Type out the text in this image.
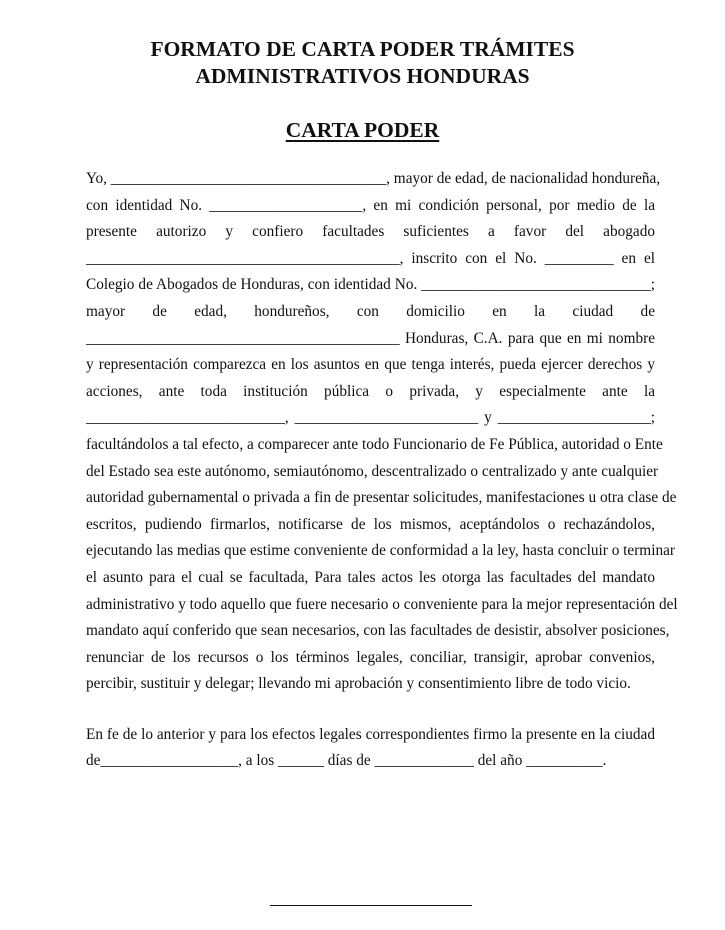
FORMATO DE CARTA PODER TRÁMITES
ADMINISTRATIVOS HONDURAS
CARTA PODER
Yo, ____________________________________, mayor de edad, de nacionalidad hondureña,
con identidad No. ____________________, en mi condición personal, por medio de la
presente autorizo y confiero facultades suficientes a favor del abogado
_________________________________________, inscrito con el No. _________ en el
Colegio de Abogados de Honduras, con identidad No. ______________________________;
mayor de edad, hondureños, con domicilio en la ciudad de
_________________________________________ Honduras, C.A. para que en mi nombre
y representación comparezca en los asuntos en que tenga interés, pueda ejercer derechos y
acciones, ante toda institución pública o privada, y especialmente ante la
__________________________, ________________________ y ____________________;
facultándolos a tal efecto, a comparecer ante todo Funcionario de Fe Pública, autoridad o Ente
del Estado sea este autónomo, semiautónomo, descentralizado o centralizado y ante cualquier
autoridad gubernamental o privada a fin de presentar solicitudes, manifestaciones u otra clase de
escritos, pudiendo firmarlos, notificarse de los mismos, aceptándolos o rechazándolos,
ejecutando las medias que estime conveniente de conformidad a la ley, hasta concluir o terminar
el asunto para el cual se facultada, Para tales actos les otorga las facultades del mandato
administrativo y todo aquello que fuere necesario o conveniente para la mejor representación del
mandato aquí conferido que sean necesarios, con las facultades de desistir, absolver posiciones,
renunciar de los recursos o los términos legales, conciliar, transigir, aprobar convenios,
percibir, sustituir y delegar; llevando mi aprobación y consentimiento libre de todo vicio.
En fe de lo anterior y para los efectos legales correspondientes firmo la presente en la ciudad
de__________________, a los ______ días de _____________ del año __________.
